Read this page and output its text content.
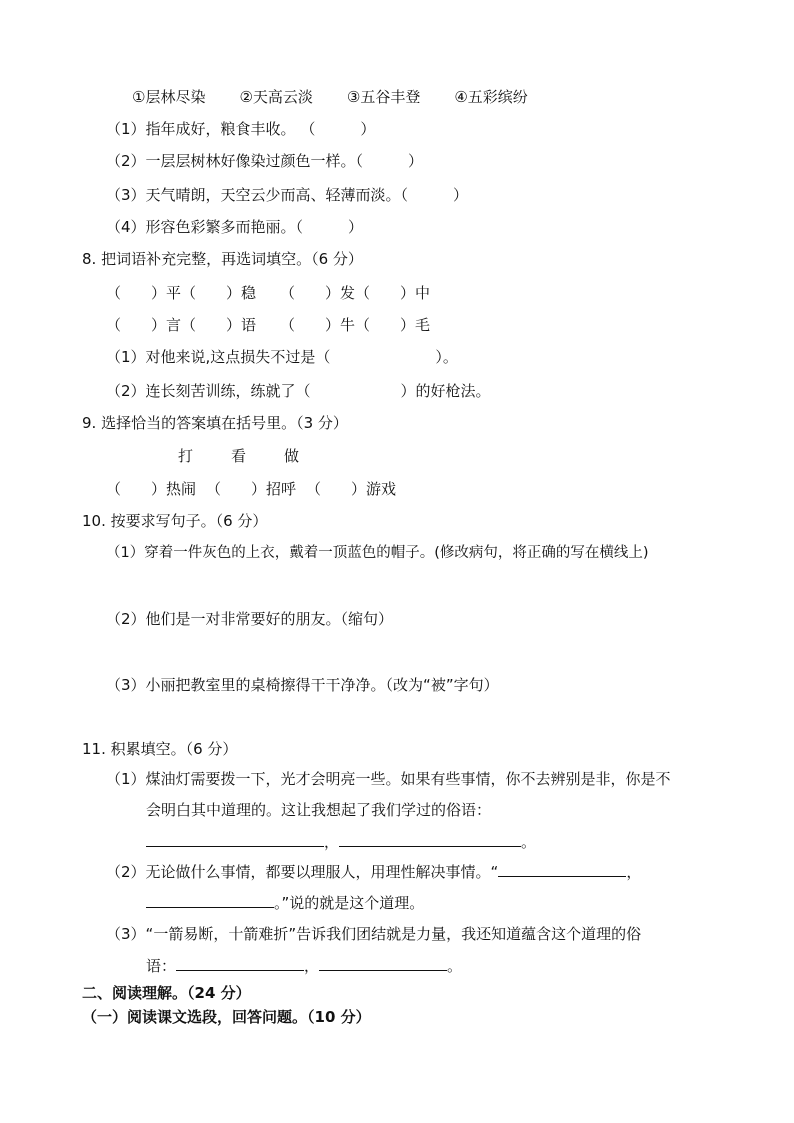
①层林尽染 ②天高云淡 ③五谷丰登 ④五彩缤纷
（1）指年成好，粮食丰收。 （　　　）
（2）一层层树林好像染过颜色一样。（　　　）
（3）天气晴朗，天空云少而高、轻薄而淡。（　　　）
（4）形容色彩繁多而艳丽。（　　　）
8. 把词语补充完整，再选词填空。（6 分）
（　　）平（　　）稳 （　　）发（　　）中
（　　）言（　　）语 （　　）牛（　　）毛
（1）对他来说,这点损失不过是（　　　　　　　）。
（2）连长刻苦训练，练就了（　　　　　　）的好枪法。
9. 选择恰当的答案填在括号里。（3 分）
打	看	做
（　　）热闹 （　　）招呼 （　　）游戏
10. 按要求写句子。（6 分）
（1）穿着一件灰色的上衣，戴着一顶蓝色的帽子。(修改病句，将正确的写在横线上)
（2）他们是一对非常要好的朋友。（缩句）
（3）小丽把教室里的桌椅擦得干干净净。（改为“被”字句）
11. 积累填空。（6 分）
（1）煤油灯需要拨一下，光才会明亮一些。如果有些事情，你不去辨别是非，你是不
会明白其中道理的。这让我想起了我们学过的俗语：
，	。
（2）无论做什么事情，都要以理服人，用理性解决事情。“	，
。”说的就是这个道理。
（3）“一箭易断，十箭难折”告诉我们团结就是力量，我还知道蕴含这个道理的俗
语：	，	。
二、阅读理解。（24 分）
（一）阅读课文选段，回答问题。（10 分）
